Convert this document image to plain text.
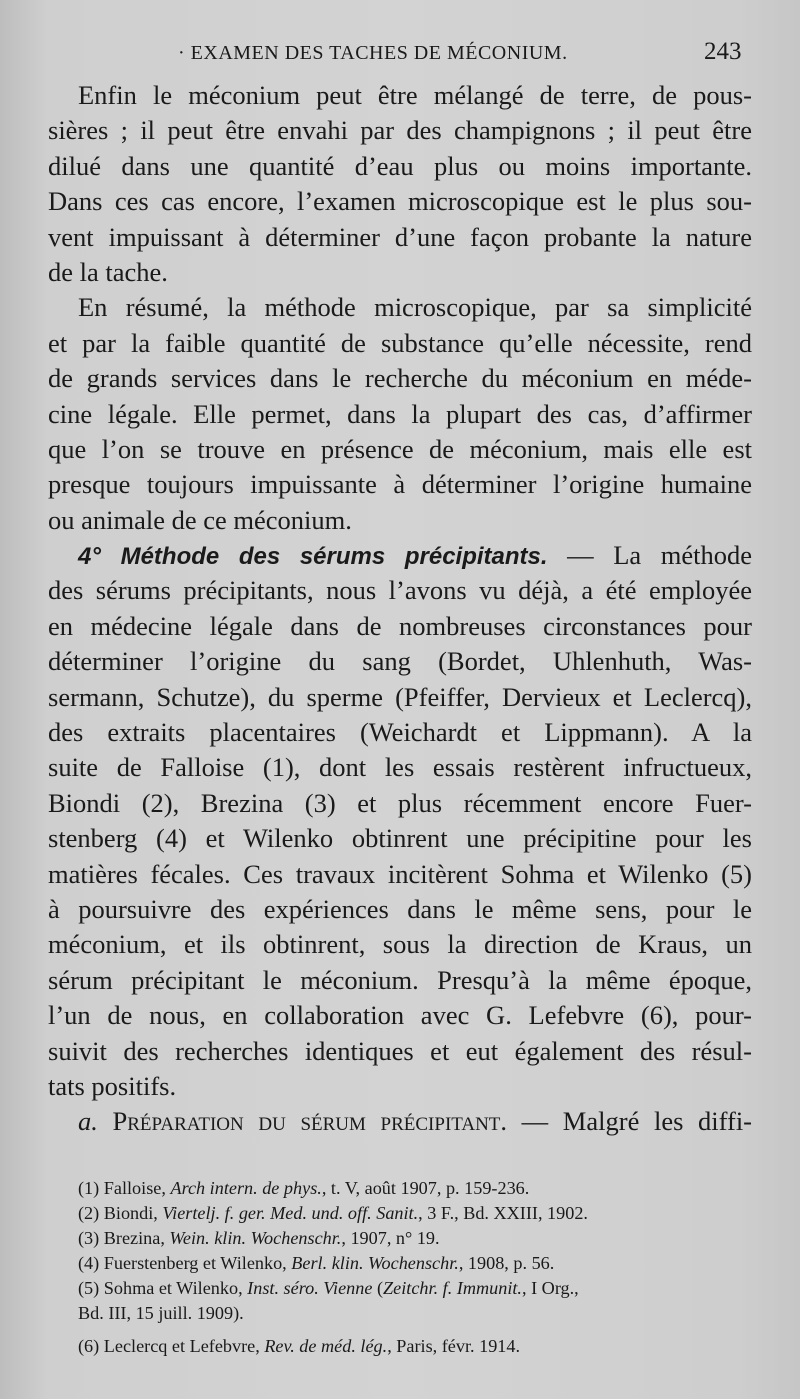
· EXAMEN DES TACHES DE MÉCONIUM.	243
Enfin le méconium peut être mélangé de terre, de pous-
sières ; il peut être envahi par des champignons ; il peut être
dilué dans une quantité d’eau plus ou moins importante.
Dans ces cas encore, l’examen microscopique est le plus sou-
vent impuissant à déterminer d’une façon probante la nature
de la tache.
En résumé, la méthode microscopique, par sa simplicité
et par la faible quantité de substance qu’elle nécessite, rend
de grands services dans le recherche du méconium en méde-
cine légale. Elle permet, dans la plupart des cas, d’affirmer
que l’on se trouve en présence de méconium, mais elle est
presque toujours impuissante à déterminer l’origine humaine
ou animale de ce méconium.
4° Méthode des sérums précipitants. — La méthode
des sérums précipitants, nous l’avons vu déjà, a été employée
en médecine légale dans de nombreuses circonstances pour
déterminer l’origine du sang (Bordet, Uhlenhuth, Was-
sermann, Schutze), du sperme (Pfeiffer, Dervieux et Leclercq),
des extraits placentaires (Weichardt et Lippmann). A la
suite de Falloise (1), dont les essais restèrent infructueux,
Biondi (2), Brezina (3) et plus récemment encore Fuer-
stenberg (4) et Wilenko obtinrent une précipitine pour les
matières fécales. Ces travaux incitèrent Sohma et Wilenko (5)
à poursuivre des expériences dans le même sens, pour le
méconium, et ils obtinrent, sous la direction de Kraus, un
sérum précipitant le méconium. Presqu’à la même époque,
l’un de nous, en collaboration avec G. Lefebvre (6), pour-
suivit des recherches identiques et eut également des résul-
tats positifs.
a. Préparation du sérum précipitant. — Malgré les diffi-
(1) Falloise, Arch intern. de phys., t. V, août 1907, p. 159-236.
(2) Biondi, Viertelj. f. ger. Med. und. off. Sanit., 3 F., Bd. XXIII, 1902.
(3) Brezina, Wein. klin. Wochenschr., 1907, n° 19.
(4) Fuerstenberg et Wilenko, Berl. klin. Wochenschr., 1908, p. 56.
(5) Sohma et Wilenko, Inst. séro. Vienne (Zeitchr. f. Immunit., I Org.,
Bd. III, 15 juill. 1909).
(6) Leclercq et Lefebvre, Rev. de méd. lég., Paris, févr. 1914.
